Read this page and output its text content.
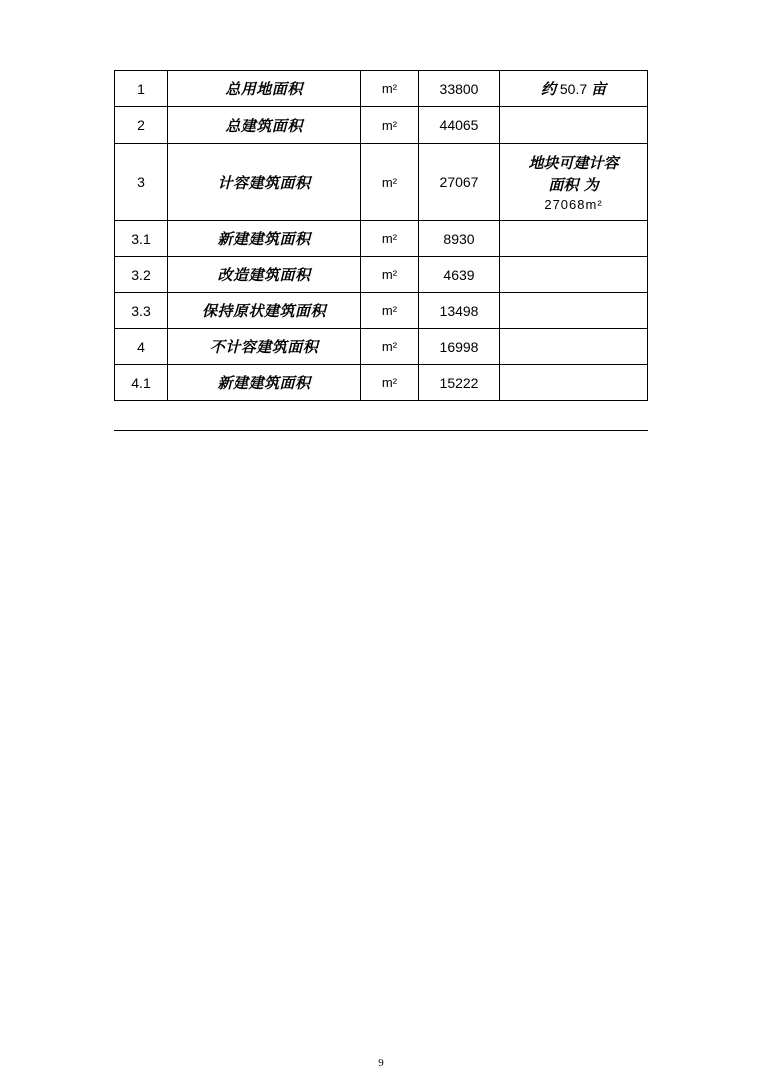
1	总用地面积	m²	33800	约 50.7 亩
2	总建筑面积	m²	44065	
3	计容建筑面积	m²	27067	地块可建计容
面积 为
27068m²

3.1	新建建筑面积	m²	8930	
3.2	改造建筑面积	m²	4639	
3.3	保持原状建筑面积	m²	13498	
4	不计容建筑面积	m²	16998	
4.1	新建建筑面积	m²	15222	
9
